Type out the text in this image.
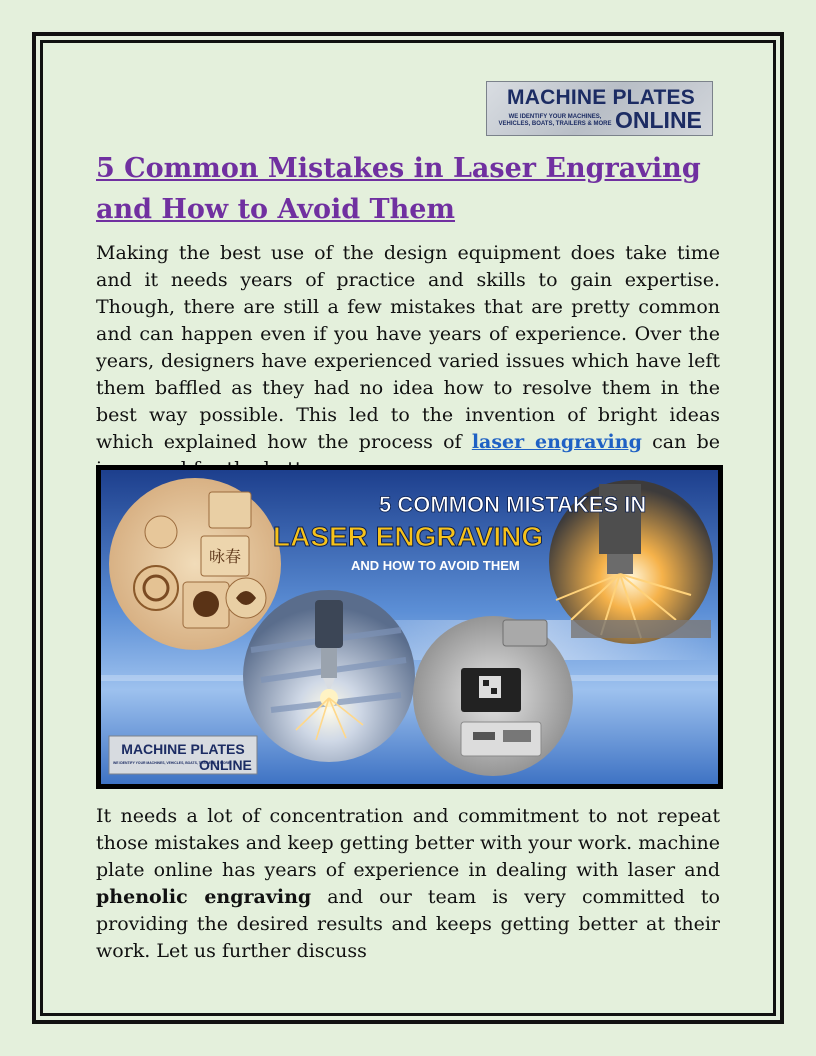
MACHINE PLATES
WE IDENTIFY YOUR MACHINES, VEHICLES, BOATS, TRAILERS & MORE ONLINE
5 Common Mistakes in Laser Engraving and How to Avoid Them

Making the best use of the design equipment does take time and it needs years of practice and skills to gain expertise. Though, there are still a few mistakes that are pretty common and can happen even if you have years of experience. Over the years, designers have experienced varied issues which have left them baffled as they had no idea how to resolve them in the best way possible. This led to the invention of bright ideas which explained how the process of laser engraving can be

咏春
5 COMMON MISTAKES IN
LASER ENGRAVING
AND HOW TO AVOID THEM
MACHINE PLATES
WE IDENTIFY YOUR MACHINES, VEHICLES, BOATS, TRAILERS & MORE
ONLINE

It needs a lot of concentration and commitment to not repeat those mistakes and keep getting better with your work. machine plate online has years of experience in dealing with laser and phenolic engraving and our team is very committed to providing the desired results and keeps getting better at their work. Let us further discuss
